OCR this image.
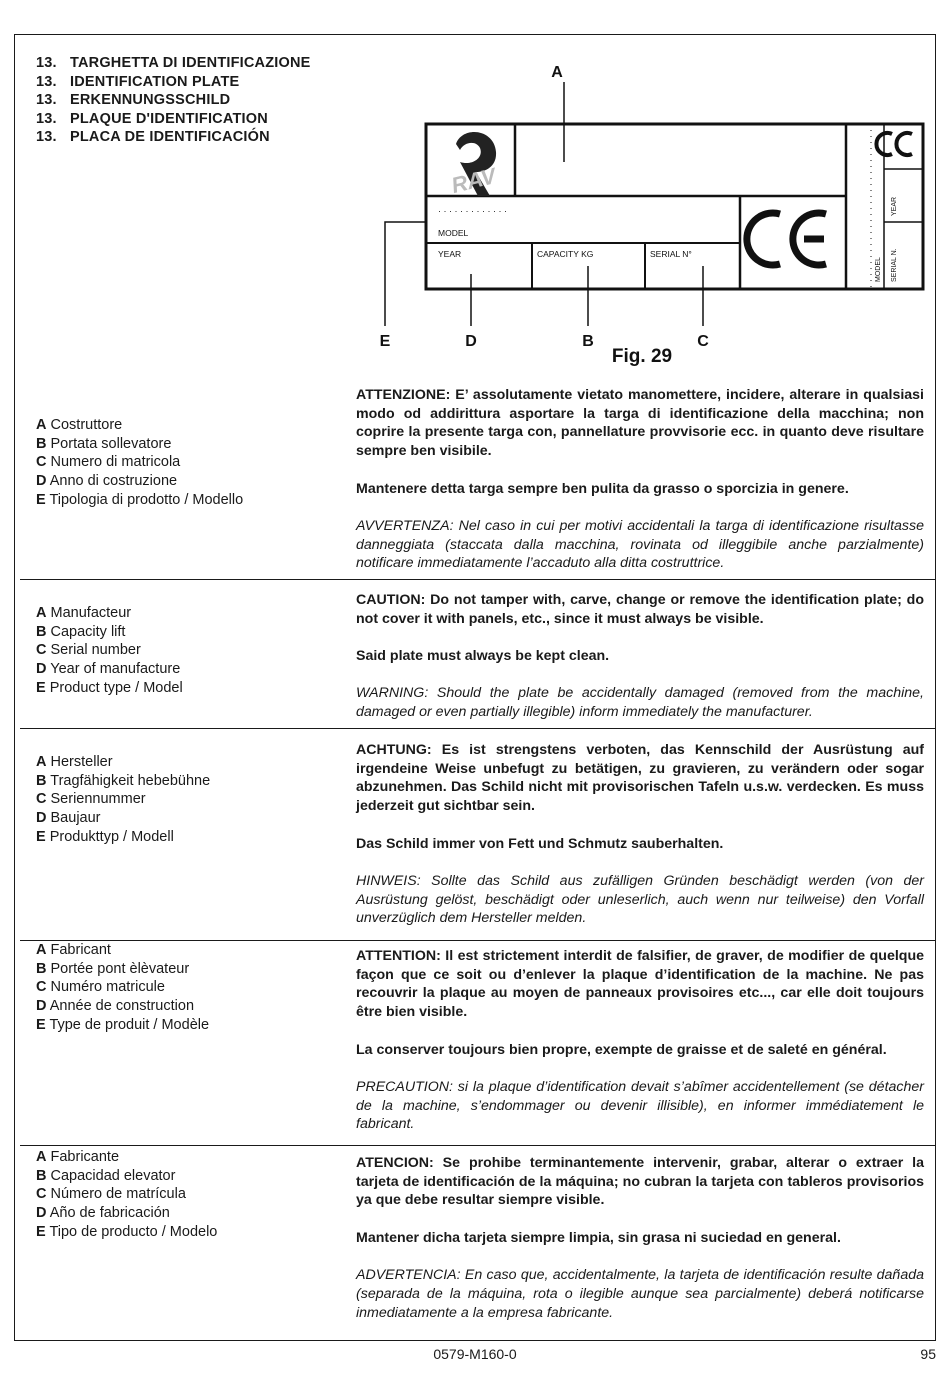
13. TARGHETTA DI IDENTIFICAZIONE
13. IDENTIFICATION PLATE
13. ERKENNUNGSSCHILD
13. PLAQUE D'IDENTIFICATION
13. PLACA DE IDENTIFICACIÓN
A
RAV
· · · · · · · · · · · · ·
MODEL
YEAR	CAPACITY KG	SERIAL N°
YEAR
MODEL SERIAL N.
E	D	B	C
Fig. 29
A Costruttore
B Portata sollevatore
C Numero di matricola
D Anno di costruzione
E Tipologia di prodotto / Modello

ATTENZIONE: E’ assolutamente vietato manomettere, incidere, alterare in qualsiasi modo od addirittura asportare la targa di identificazione della macchina; non coprire la presente targa con, pannellature provvisorie ecc. in quanto deve risultare sempre ben visibile.

Mantenere detta targa sempre ben pulita da grasso o sporcizia in genere.

AVVERTENZA: Nel caso in cui per motivi accidentali la targa di identificazione risultasse danneggiata (staccata dalla macchina, rovinata od illeggibile anche parzialmente) notificare immediatamente l’accaduto alla ditta costruttrice.

A Manufacteur
B Capacity lift
C Serial number
D Year of manufacture
E Product type / Model

CAUTION: Do not tamper with, carve, change or remove the identification plate; do not cover it with panels, etc., since it must always be visible.

Said plate must always be kept clean.

WARNING: Should the plate be accidentally damaged (removed from the machine, damaged or even partially illegible) inform immediately the manufacturer.

A Hersteller
B Tragfähigkeit hebebühne
C Seriennummer
D Baujaur
E Produkttyp / Modell

ACHTUNG: Es ist strengstens verboten, das Kennschild der Ausrüstung auf irgendeine Weise unbefugt zu betätigen, zu gravieren, zu verändern oder sogar abzunehmen. Das Schild nicht mit provisorischen Tafeln u.s.w. verdecken. Es muss jederzeit gut sichtbar sein.

Das Schild immer von Fett und Schmutz sauberhalten.

HINWEIS: Sollte das Schild aus zufälligen Gründen beschädigt werden (von der Ausrüstung gelöst, beschädigt oder unleserlich, auch wenn nur teilweise) den Vorfall unverzüglich dem Hersteller melden.

A Fabricant
B Portée pont èlèvateur
C Numéro matricule
D Année de construction
E Type de produit / Modèle

ATTENTION: Il est strictement interdit de falsifier, de graver, de modifier de quelque façon que ce soit ou d’enlever la plaque d’identification de la machine. Ne pas recouvrir la plaque au moyen de panneaux provisoires etc..., car elle doit toujours être bien visible.

La conserver toujours bien propre, exempte de graisse et de saleté en général.

PRECAUTION: si la plaque d’identification devait s’abîmer accidentellement (se détacher de la machine, s’endommager ou devenir illisible), en informer immédiatement le fabricant.

A Fabricante
B Capacidad elevator
C Número de matrícula
D Año de fabricación
E Tipo de producto / Modelo

ATENCION: Se prohibe terminantemente intervenir, grabar, alterar o extraer la tarjeta de identificación de la máquina; no cubran la tarjeta con tableros provisorios ya que debe resultar siempre visible.

Mantener dicha tarjeta siempre limpia, sin grasa ni suciedad en general.

ADVERTENCIA: En caso que, accidentalmente, la tarjeta de identificación resulte dañada (separada de la máquina, rota o ilegible aunque sea parcialmente) deberá notificarse inmediatamente a la empresa fabricante.

0579-M160-0	95
